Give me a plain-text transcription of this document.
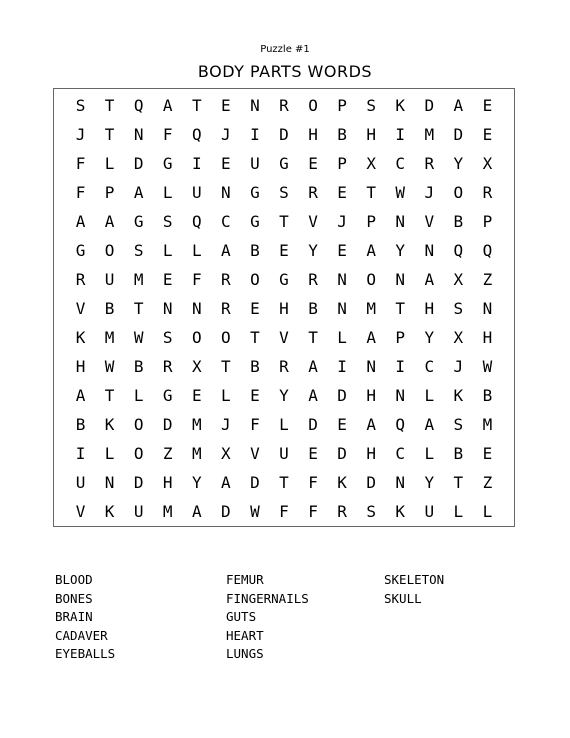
Puzzle #1
BODY PARTS WORDS
S	T	Q	A	T	E	N	R	O	P	S	K	D	A	E
J	T	N	F	Q	J	I	D	H	B	H	I	M	D	E
F	L	D	G	I	E	U	G	E	P	X	C	R	Y	X
F	P	A	L	U	N	G	S	R	E	T	W	J	O	R
A	A	G	S	Q	C	G	T	V	J	P	N	V	B	P
G	O	S	L	L	A	B	E	Y	E	A	Y	N	Q	Q
R	U	M	E	F	R	O	G	R	N	O	N	A	X	Z
V	B	T	N	N	R	E	H	B	N	M	T	H	S	N
K	M	W	S	O	O	T	V	T	L	A	P	Y	X	H
H	W	B	R	X	T	B	R	A	I	N	I	C	J	W
A	T	L	G	E	L	E	Y	A	D	H	N	L	K	B
B	K	O	D	M	J	F	L	D	E	A	Q	A	S	M
I	L	O	Z	M	X	V	U	E	D	H	C	L	B	E
U	N	D	H	Y	A	D	T	F	K	D	N	Y	T	Z
V	K	U	M	A	D	W	F	F	R	S	K	U	L	L
BLOOD
BONES
BRAIN
CADAVER
EYEBALLS
FEMUR
FINGERNAILS
GUTS
HEART
LUNGS
SKELETON
SKULL
